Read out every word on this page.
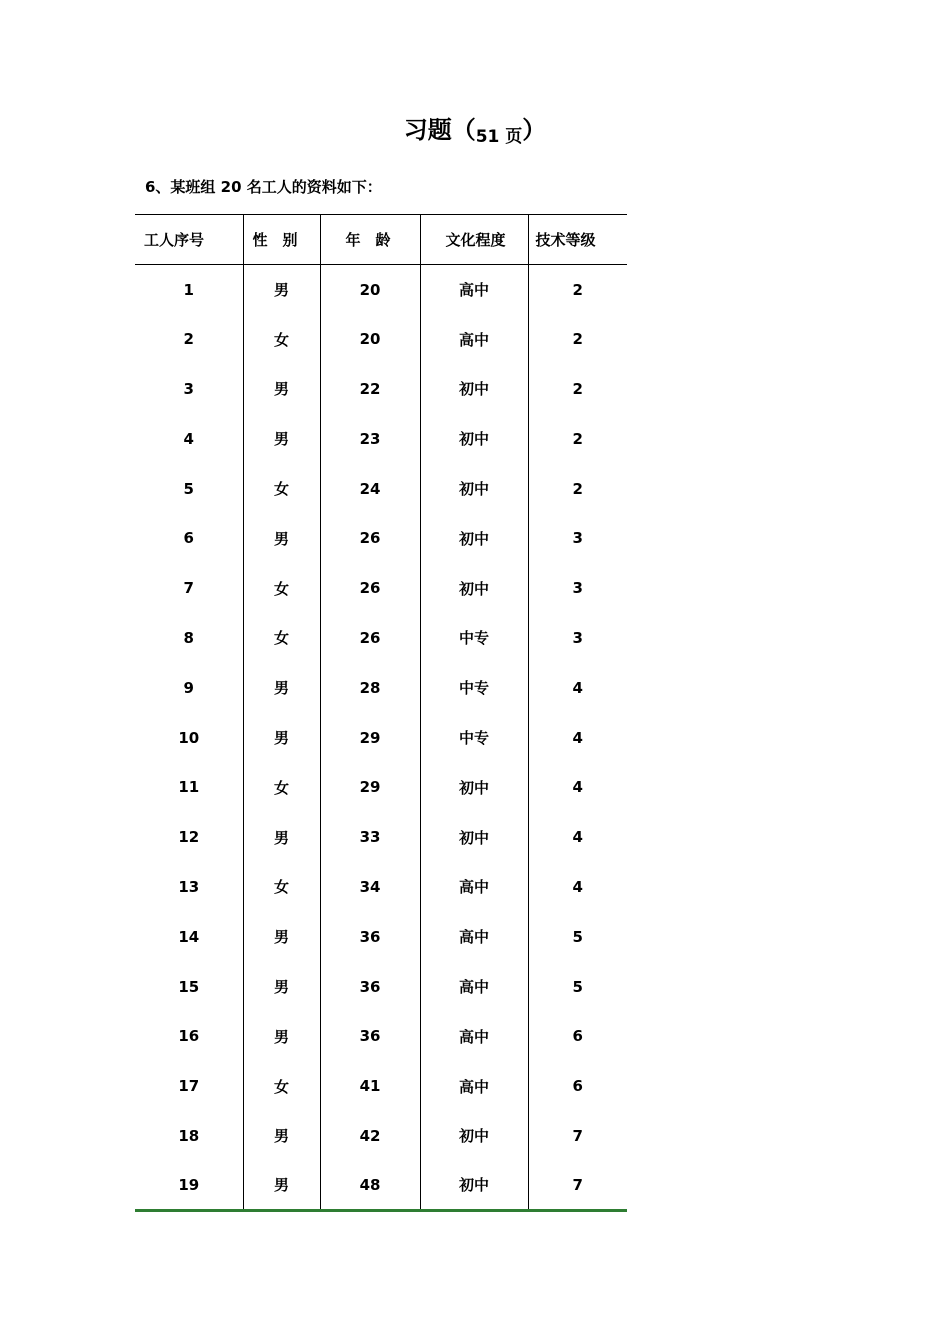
习题（51 页）
6、某班组 20 名工人的资料如下：
工人序号	性　别	年　龄	文化程度	技术等级
1	男	20	高中	2
2	女	20	高中	2
3	男	22	初中	2
4	男	23	初中	2
5	女	24	初中	2
6	男	26	初中	3
7	女	26	初中	3
8	女	26	中专	3
9	男	28	中专	4
10	男	29	中专	4
11	女	29	初中	4
12	男	33	初中	4
13	女	34	高中	4
14	男	36	高中	5
15	男	36	高中	5
16	男	36	高中	6
17	女	41	高中	6
18	男	42	初中	7
19	男	48	初中	7
